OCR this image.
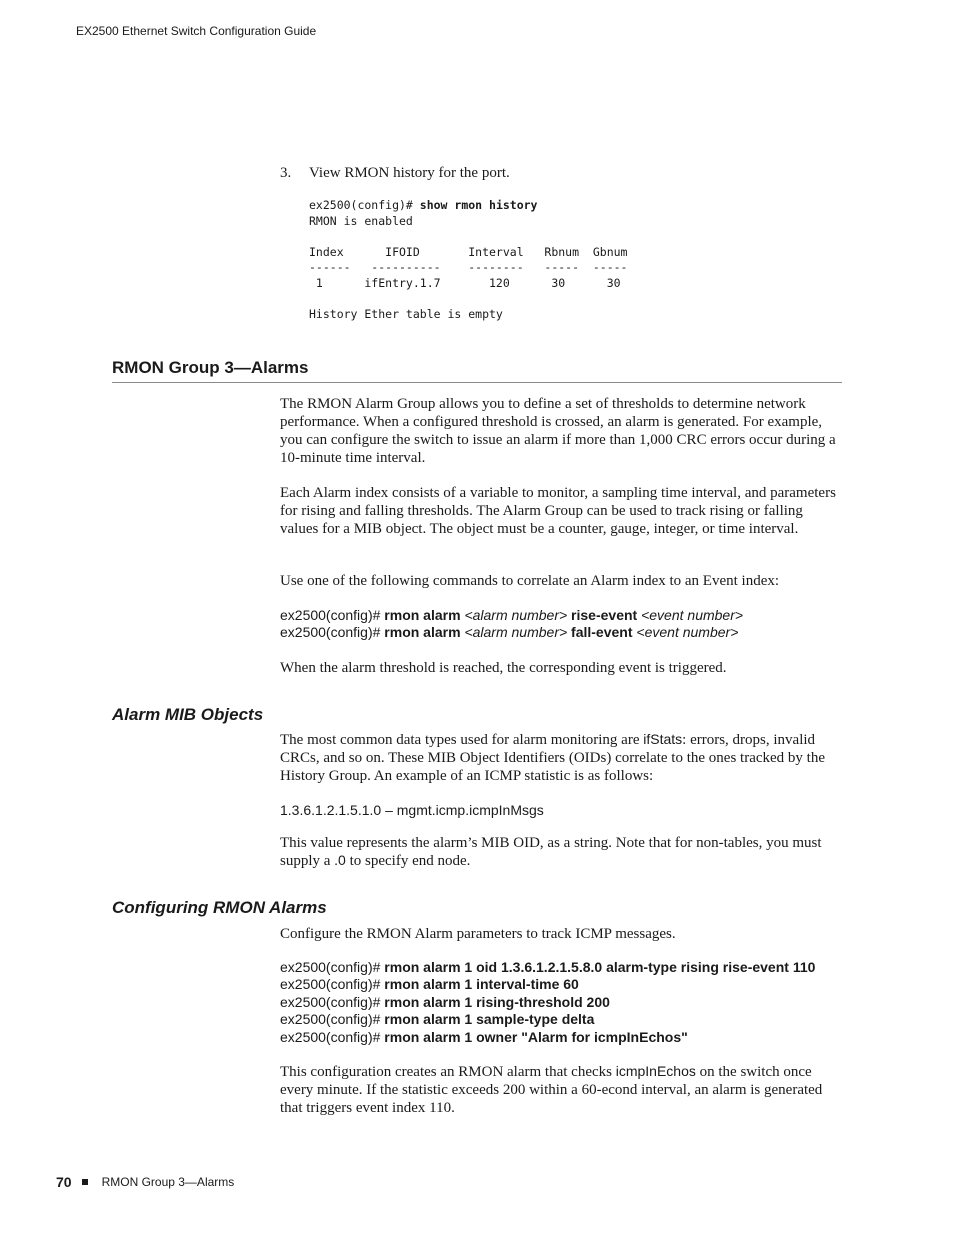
EX2500 Ethernet Switch Configuration Guide
3. View RMON history for the port.
ex2500(config)# show rmon history
RMON is enabled
Index      IFOID       Interval   Rbnum  Gbnum
------   ----------    --------   -----  -----
1      ifEntry.1.7       120      30      30
History Ether table is empty
RMON Group 3—Alarms
The RMON Alarm Group allows you to define a set of thresholds to determine network performance. When a configured threshold is crossed, an alarm is generated. For example, you can configure the switch to issue an alarm if more than 1,000 CRC errors occur during a 10-minute time interval.
Each Alarm index consists of a variable to monitor, a sampling time interval, and parameters for rising and falling thresholds. The Alarm Group can be used to track rising or falling values for a MIB object. The object must be a counter, gauge, integer, or time interval.
Use one of the following commands to correlate an Alarm index to an Event index:
ex2500(config)# rmon alarm <alarm number> rise-event <event number>
ex2500(config)# rmon alarm <alarm number> fall-event <event number>
When the alarm threshold is reached, the corresponding event is triggered.
Alarm MIB Objects
The most common data types used for alarm monitoring are ifStats: errors, drops, invalid CRCs, and so on. These MIB Object Identifiers (OIDs) correlate to the ones tracked by the History Group. An example of an ICMP statistic is as follows:
1.3.6.1.2.1.5.1.0 – mgmt.icmp.icmpInMsgs
This value represents the alarm’s MIB OID, as a string. Note that for non-tables, you must supply a .0 to specify end node.
Configuring RMON Alarms
Configure the RMON Alarm parameters to track ICMP messages.
ex2500(config)# rmon alarm 1 oid 1.3.6.1.2.1.5.8.0 alarm-type rising rise-event 110
ex2500(config)# rmon alarm 1 interval-time 60
ex2500(config)# rmon alarm 1 rising-threshold 200
ex2500(config)# rmon alarm 1 sample-type delta
ex2500(config)# rmon alarm 1 owner "Alarm for icmpInEchos"
This configuration creates an RMON alarm that checks icmpInEchos on the switch once every minute. If the statistic exceeds 200 within a 60-econd interval, an alarm is generated that triggers event index 110.
70	RMON Group 3—Alarms
